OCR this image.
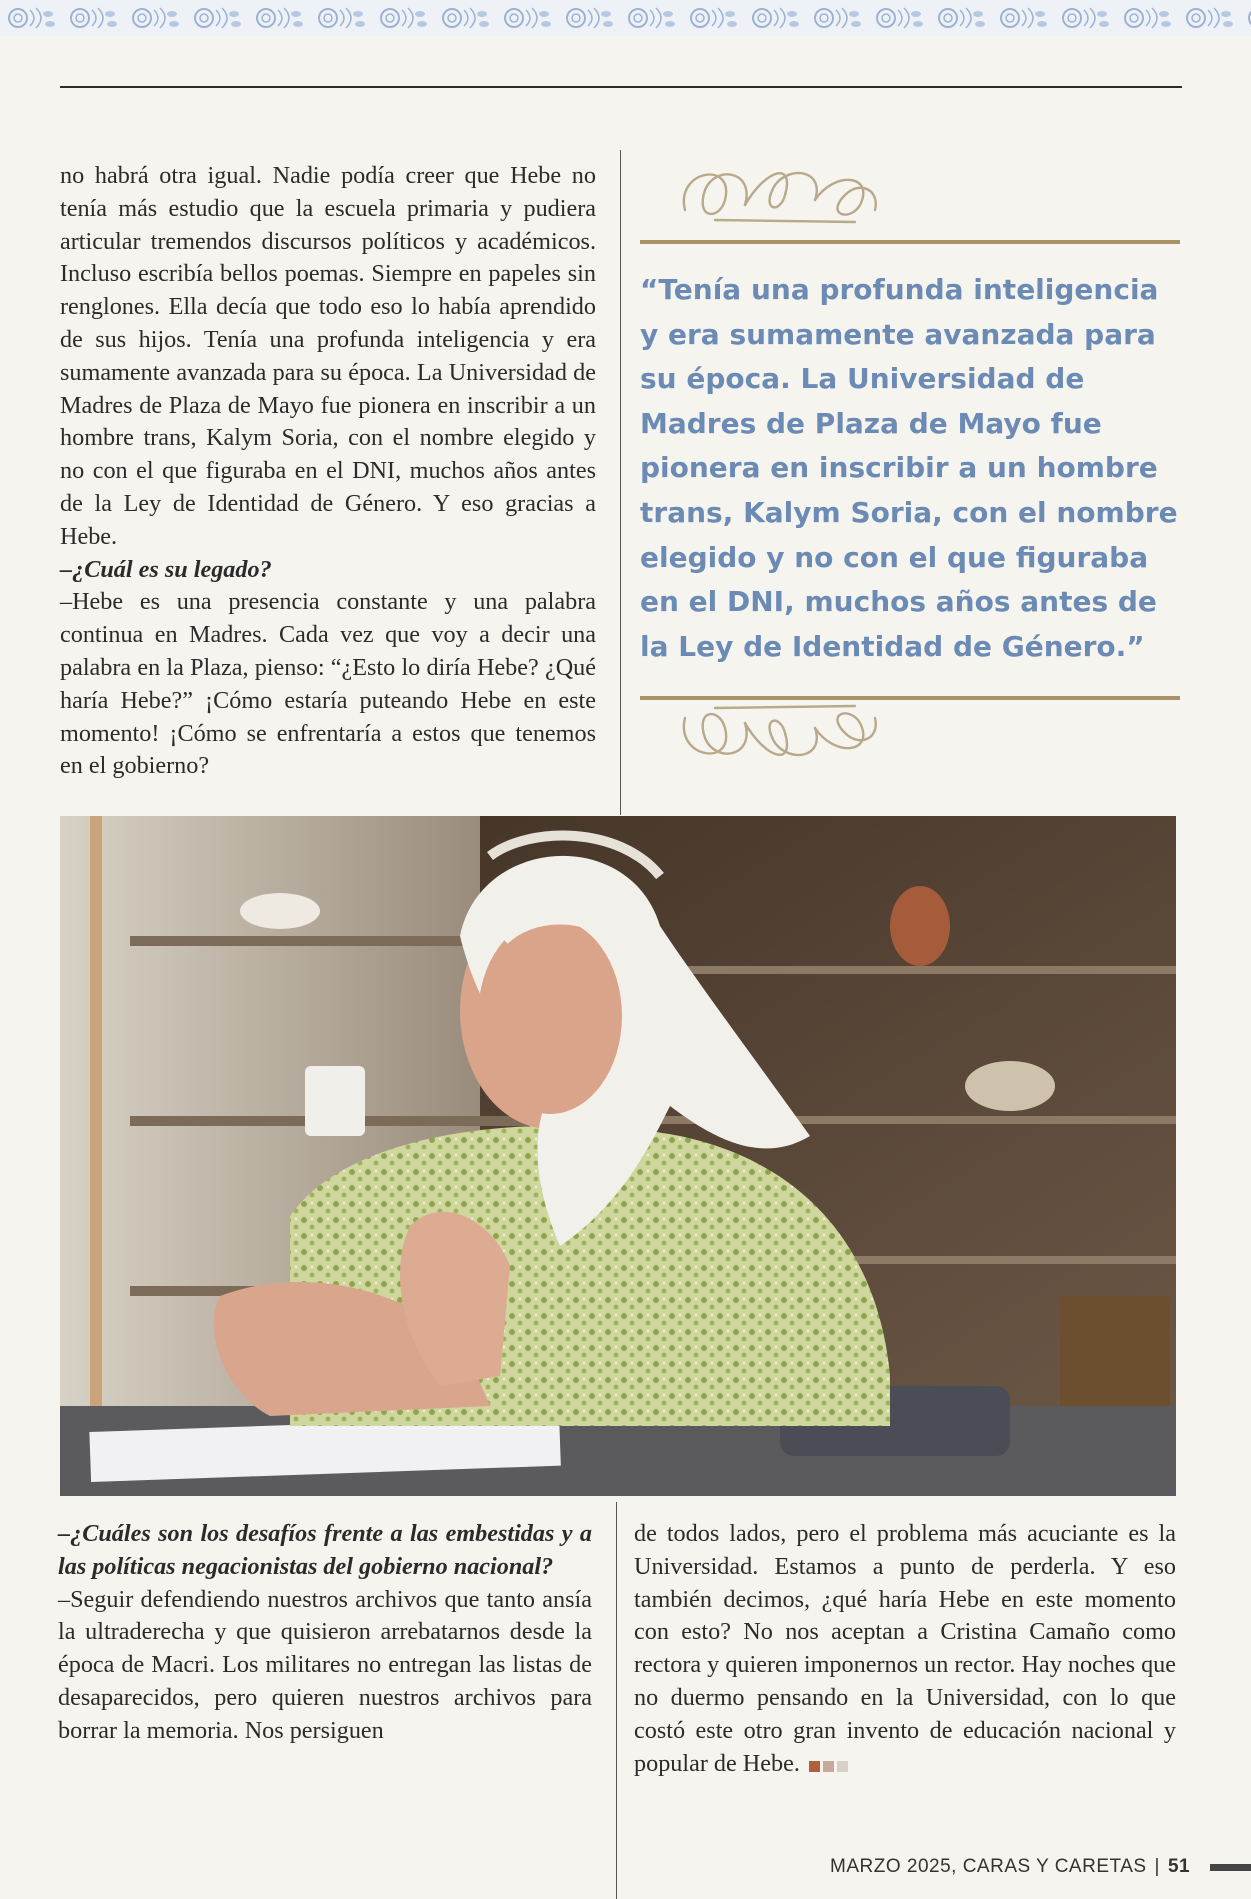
no habrá otra igual. Nadie podía creer que Hebe no tenía más estudio que la escuela primaria y pudiera articular tremendos discursos políticos y académicos. Incluso escribía bellos poemas. Siempre en papeles sin renglones. Ella decía que todo eso lo había aprendido de sus hijos. Tenía una profunda inteligencia y era sumamente avanzada para su época. La Universidad de Madres de Plaza de Mayo fue pionera en inscribir a un hombre trans, Kalym Soria, con el nombre elegido y no con el que figuraba en el DNI, muchos años antes de la Ley de Identidad de Género. Y eso gracias a Hebe.

–¿Cuál es su legado?

–Hebe es una presencia constante y una palabra continua en Madres. Cada vez que voy a decir una palabra en la Plaza, pienso: “¿Esto lo diría Hebe? ¿Qué haría Hebe?” ¡Cómo estaría puteando Hebe en este momento! ¡Cómo se enfrentaría a estos que tenemos en el gobierno?

“Tenía una profunda inteligencia y era sumamente avanzada para su época. La Universidad de Madres de Plaza de Mayo fue pionera en inscribir a un hombre trans, Kalym Soria, con el nombre elegido y no con el que figuraba en el DNI, muchos años antes de la Ley de Identidad de Género.”

–¿Cuáles son los desafíos frente a las embestidas y a las políticas negacionistas del gobierno nacional?

–Seguir defendiendo nuestros archivos que tanto ansía la ultraderecha y que quisieron arrebatarnos desde la época de Macri. Los militares no entregan las listas de desaparecidos, pero quieren nuestros archivos para borrar la memoria. Nos persiguen

de todos lados, pero el problema más acuciante es la Universidad. Estamos a punto de perderla. Y eso también decimos, ¿qué haría Hebe en este momento con esto? No nos aceptan a Cristina Camaño como rectora y quieren imponernos un rector. Hay noches que no duermo pensando en la Universidad, con lo que costó este otro gran invento de educación nacional y popular de Hebe.

MARZO 2025, CARAS Y CARETAS | 51
